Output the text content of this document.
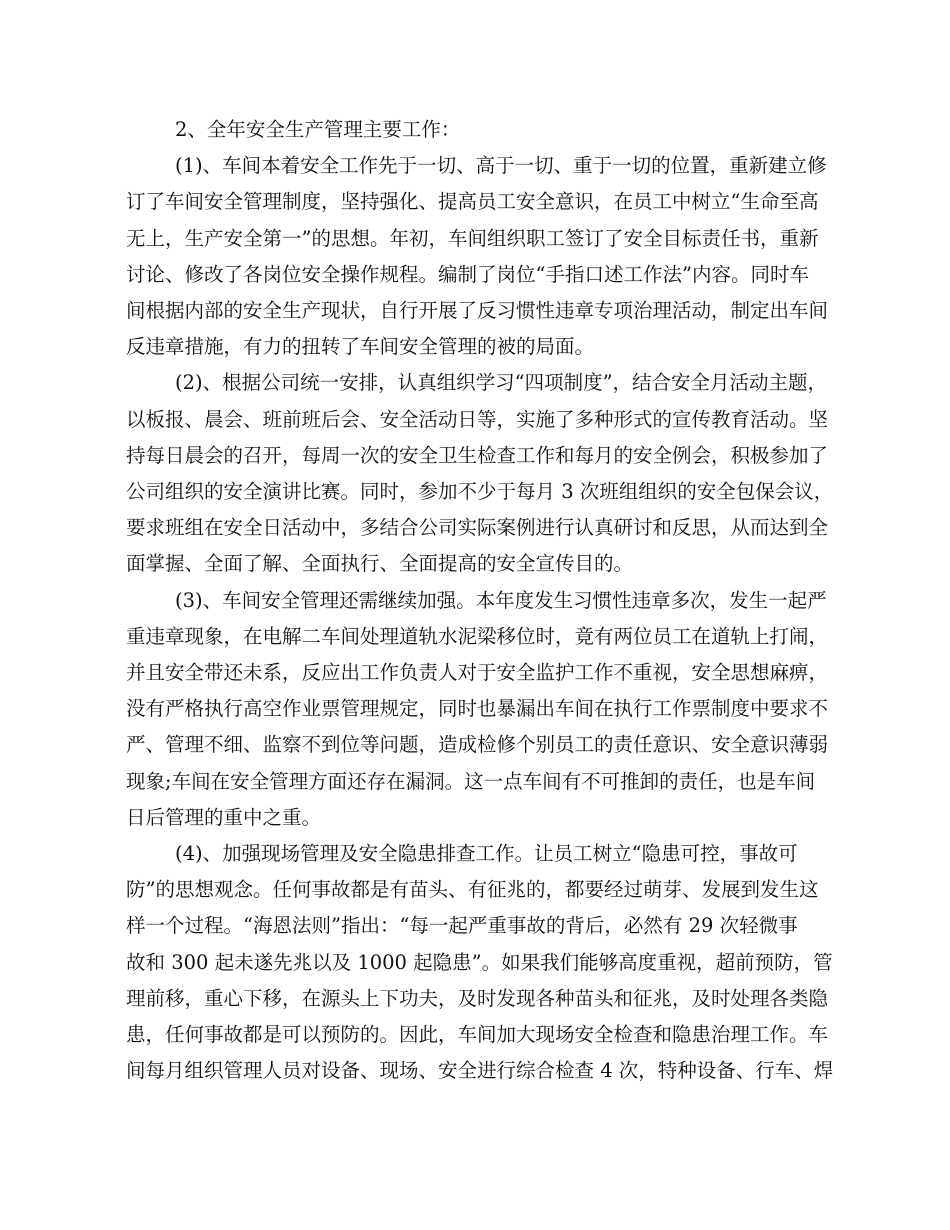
2、全年安全生产管理主要工作：

(1)、车间本着安全工作先于一切、高于一切、重于一切的位置，重新建立修
订了车间安全管理制度，坚持强化、提高员工安全意识，在员工中树立“生命至高
无上，生产安全第一”的思想。年初，车间组织职工签订了安全目标责任书，重新
讨论、修改了各岗位安全操作规程。编制了岗位“手指口述工作法”内容。同时车
间根据内部的安全生产现状，自行开展了反习惯性违章专项治理活动，制定出车间
反违章措施，有力的扭转了车间安全管理的被的局面。

(2)、根据公司统一安排，认真组织学习“四项制度”，结合安全月活动主题，
以板报、晨会、班前班后会、安全活动日等，实施了多种形式的宣传教育活动。坚
持每日晨会的召开，每周一次的安全卫生检查工作和每月的安全例会，积极参加了
公司组织的安全演讲比赛。同时，参加不少于每月 3 次班组组织的安全包保会议，
要求班组在安全日活动中，多结合公司实际案例进行认真研讨和反思，从而达到全
面掌握、全面了解、全面执行、全面提高的安全宣传目的。

(3)、车间安全管理还需继续加强。本年度发生习惯性违章多次，发生一起严
重违章现象，在电解二车间处理道轨水泥梁移位时，竟有两位员工在道轨上打闹，
并且安全带还未系，反应出工作负责人对于安全监护工作不重视，安全思想麻痹，
没有严格执行高空作业票管理规定，同时也暴漏出车间在执行工作票制度中要求不
严、管理不细、监察不到位等问题，造成检修个别员工的责任意识、安全意识薄弱
现象;车间在安全管理方面还存在漏洞。这一点车间有不可推卸的责任，也是车间
日后管理的重中之重。

(4)、加强现场管理及安全隐患排查工作。让员工树立“隐患可控，事故可
防”的思想观念。任何事故都是有苗头、有征兆的，都要经过萌芽、发展到发生这
样一个过程。“海恩法则”指出：“每一起严重事故的背后，必然有 29 次轻微事
故和 300 起未遂先兆以及 1000 起隐患”。如果我们能够高度重视，超前预防，管
理前移，重心下移，在源头上下功夫，及时发现各种苗头和征兆，及时处理各类隐
患，任何事故都是可以预防的。因此，车间加大现场安全检查和隐患治理工作。车
间每月组织管理人员对设备、现场、安全进行综合检查 4 次，特种设备、行车、焊
